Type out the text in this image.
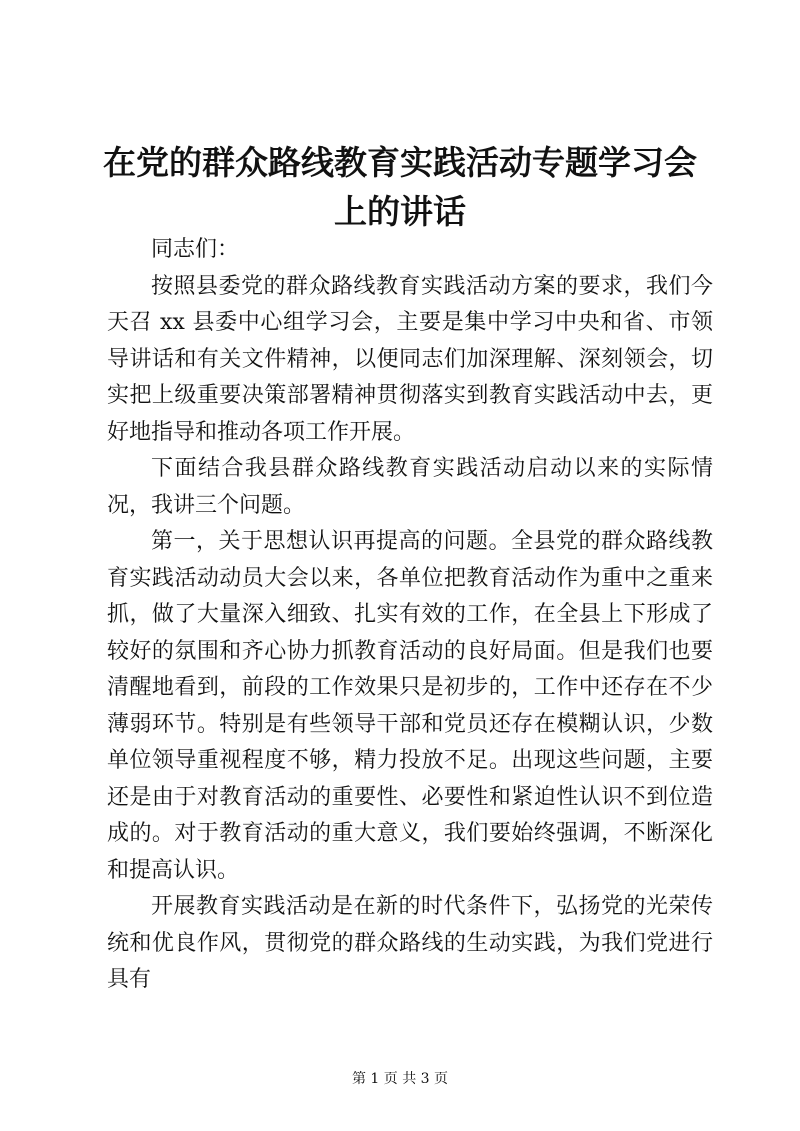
在党的群众路线教育实践活动专题学习会上的讲话

同志们：

按照县委党的群众路线教育实践活动方案的要求，我们今天召 xx 县委中心组学习会，主要是集中学习中央和省、市领导讲话和有关文件精神，以便同志们加深理解、深刻领会，切实把上级重要决策部署精神贯彻落实到教育实践活动中去，更好地指导和推动各项工作开展。

下面结合我县群众路线教育实践活动启动以来的实际情况，我讲三个问题。

第一，关于思想认识再提高的问题。全县党的群众路线教育实践活动动员大会以来，各单位把教育活动作为重中之重来抓，做了大量深入细致、扎实有效的工作，在全县上下形成了较好的氛围和齐心协力抓教育活动的良好局面。但是我们也要清醒地看到，前段的工作效果只是初步的，工作中还存在不少薄弱环节。特别是有些领导干部和党员还存在模糊认识，少数单位领导重视程度不够，精力投放不足。出现这些问题，主要还是由于对教育活动的重要性、必要性和紧迫性认识不到位造成的。对于教育活动的重大意义，我们要始终强调，不断深化和提高认识。

开展教育实践活动是在新的时代条件下，弘扬党的光荣传统和优良作风，贯彻党的群众路线的生动实践，为我们党进行具有

第 1 页 共 3 页
